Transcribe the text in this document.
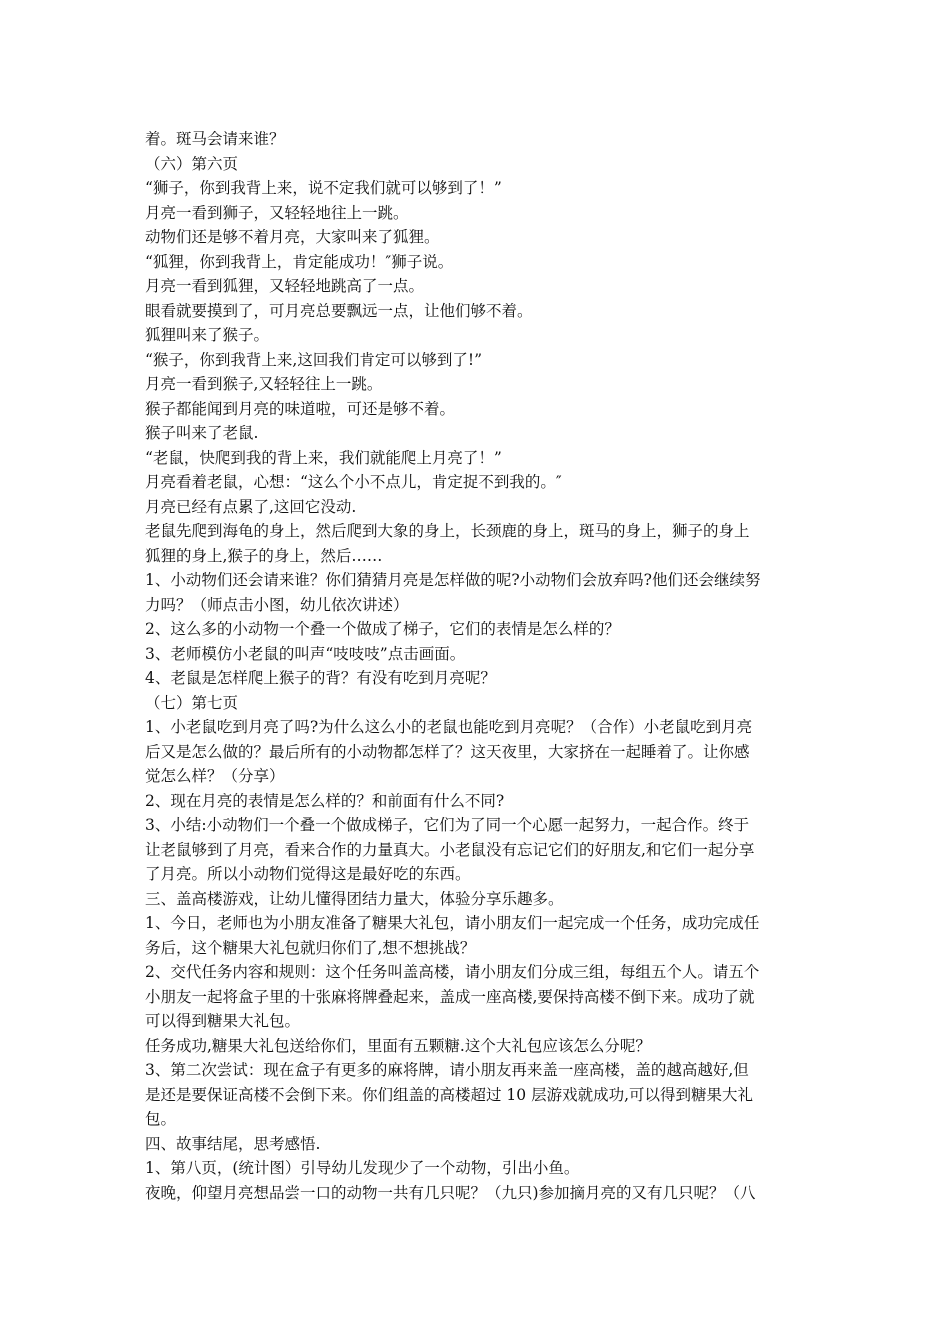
着。斑马会请来谁？

（六）第六页

“狮子，你到我背上来，说不定我们就可以够到了！”

月亮一看到狮子，又轻轻地往上一跳。

动物们还是够不着月亮，大家叫来了狐狸。

“狐狸，你到我背上，肯定能成功！″狮子说。

月亮一看到狐狸，又轻轻地跳高了一点。

眼看就要摸到了，可月亮总要飘远一点，让他们够不着。

狐狸叫来了猴子。

“猴子，你到我背上来,这回我们肯定可以够到了!”

月亮一看到猴子,又轻轻往上一跳。

猴子都能闻到月亮的味道啦，可还是够不着。

猴子叫来了老鼠.

“老鼠，快爬到我的背上来，我们就能爬上月亮了！”

月亮看着老鼠，心想：“这么个小不点儿，肯定捉不到我的。″

月亮已经有点累了,这回它没动.

老鼠先爬到海龟的身上，然后爬到大象的身上，长颈鹿的身上，斑马的身上，狮子的身上

狐狸的身上,猴子的身上，然后……

1、小动物们还会请来谁？你们猜猜月亮是怎样做的呢?小动物们会放弃吗?他们还会继续努

力吗？（师点击小图，幼儿依次讲述）

2、这么多的小动物一个叠一个做成了梯子，它们的表情是怎么样的？

3、老师模仿小老鼠的叫声“吱吱吱”点击画面。

4、老鼠是怎样爬上猴子的背？有没有吃到月亮呢？

（七）第七页

1、小老鼠吃到月亮了吗?为什么这么小的老鼠也能吃到月亮呢？（合作）小老鼠吃到月亮

后又是怎么做的？最后所有的小动物都怎样了？这天夜里，大家挤在一起睡着了。让你感

觉怎么样？（分享）

2、现在月亮的表情是怎么样的？和前面有什么不同?

3、小结:小动物们一个叠一个做成梯子，它们为了同一个心愿一起努力，一起合作。终于

让老鼠够到了月亮，看来合作的力量真大。小老鼠没有忘记它们的好朋友,和它们一起分享

了月亮。所以小动物们觉得这是最好吃的东西。

三、盖高楼游戏，让幼儿懂得团结力量大，体验分享乐趣多。

1、今日，老师也为小朋友准备了糖果大礼包，请小朋友们一起完成一个任务，成功完成任

务后，这个糖果大礼包就归你们了,想不想挑战？

2、交代任务内容和规则：这个任务叫盖高楼，请小朋友们分成三组，每组五个人。请五个

小朋友一起将盒子里的十张麻将牌叠起来，盖成一座高楼,要保持高楼不倒下来。成功了就

可以得到糖果大礼包。

任务成功,糖果大礼包送给你们，里面有五颗糖.这个大礼包应该怎么分呢？

3、第二次尝试：现在盒子有更多的麻将牌，请小朋友再来盖一座高楼，盖的越高越好,但

是还是要保证高楼不会倒下来。你们组盖的高楼超过 10 层游戏就成功,可以得到糖果大礼

包。

四、故事结尾，思考感悟.

1、第八页，(统计图）引导幼儿发现少了一个动物，引出小鱼。

夜晚，仰望月亮想品尝一口的动物一共有几只呢？（九只)参加摘月亮的又有几只呢？（八
